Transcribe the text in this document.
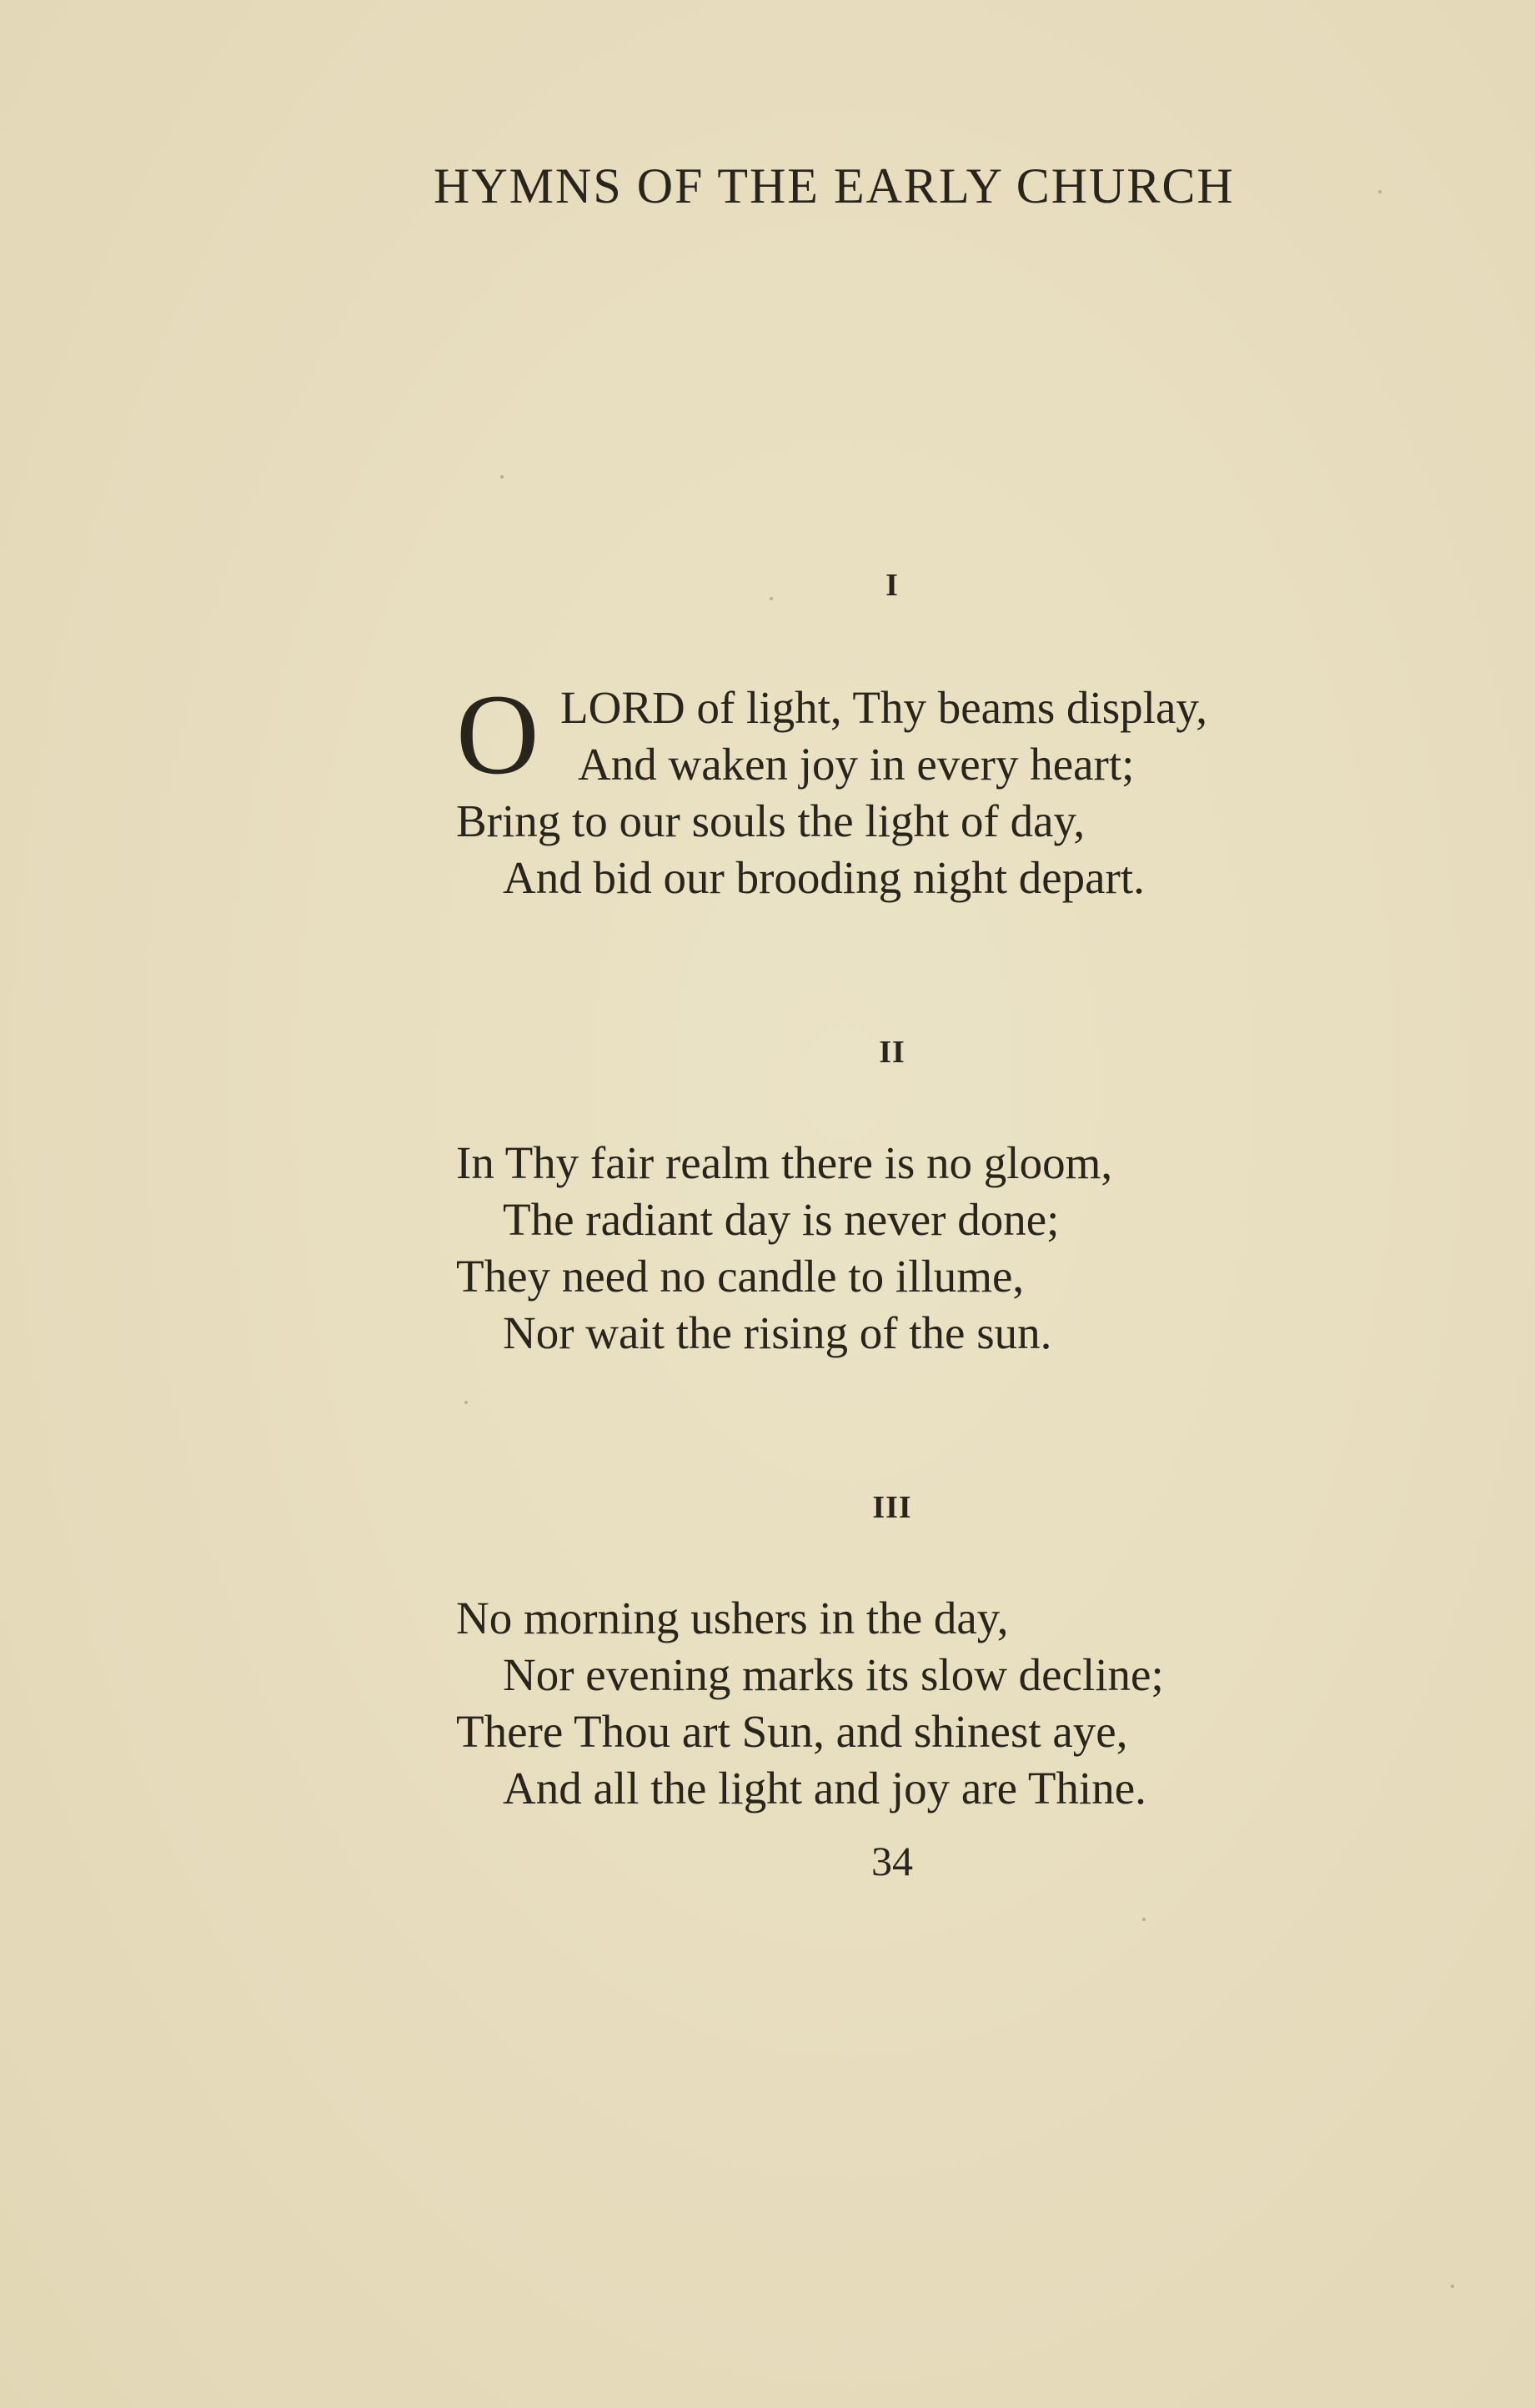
HYMNS OF THE EARLY CHURCH
I
O LORD of light, Thy beams display,
And waken joy in every heart;
Bring to our souls the light of day,
And bid our brooding night depart.
II
In Thy fair realm there is no gloom,
The radiant day is never done;
They need no candle to illume,
Nor wait the rising of the sun.
III
No morning ushers in the day,
Nor evening marks its slow decline;
There Thou art Sun, and shinest aye,
And all the light and joy are Thine.
34
